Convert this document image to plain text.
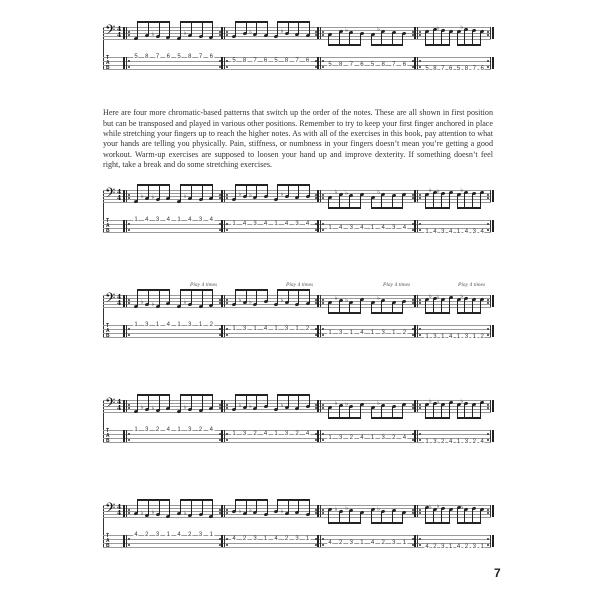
𝄢 4
4
T
A
B
5 8
♭
7 6 5
♭
8 7 6
5 8
♭
7 6 5
♭
8 7 6
5 8
♭
7 6 5
♭
8 7 6
5 8
♭
7 6 5
♭
8 7 6
𝄢 4
4
T
A
B
1
♭
4
♭
3 4 1
♭
4 3 4
1
♭
4
♭
3 4 1
♭
4 3 4
1
♭
4
♭
3 4 1
♭
4 3 4
1
♭
4
♭
3 4 1
♭
4 3 4
𝄢 4
4
T
A
B
1
♭
3
♭
1 4 1
♭
3 1 2
Play 4 times
1
♭
3
♭
1 4 1
♭
3 1 2
Play 4 times
1
♭
3
♭
1 4 1
♭
3 1 2
Play 4 times
1
♭
3
♭
1 4 1
♭
3 1 2
Play 4 times
𝄢 4
4
T
A
B
1
♭
3
♭
2 4 1
♭
3 2 4
1
♭
3
♭
2 4 1
♭
3 2 4
1
♭
3
♭
2 4 1
♭
3 2 4
1
♭
3
♭
2 4 1
♭
3 2 4
𝄢 4
4
T
A
B
4
♭
2
♭
3 1 4
♭
2 3 1
4
♭
2
♭
3 1 4
♭
2 3 1
4
♭
2
♭
3 1 4
♭
2 3 1
4
♭
2
♭
3 1 4
♭
2 3 1

Here are four more chromatic-based patterns that switch up the order of the notes. These are all shown in first position but can be transposed and played in various other positions. Remember to try to keep your first finger anchored in place while stretching your fingers up to reach the higher notes. As with all of the exercises in this book, pay attention to what your hands are telling you physically. Pain, stiffness, or numbness in your fingers doesn’t mean you’re getting a good workout. Warm-up exercises are supposed to loosen your hand up and improve dexterity. If something doesn’t feel right, take a break and do some stretching exercises.

7
